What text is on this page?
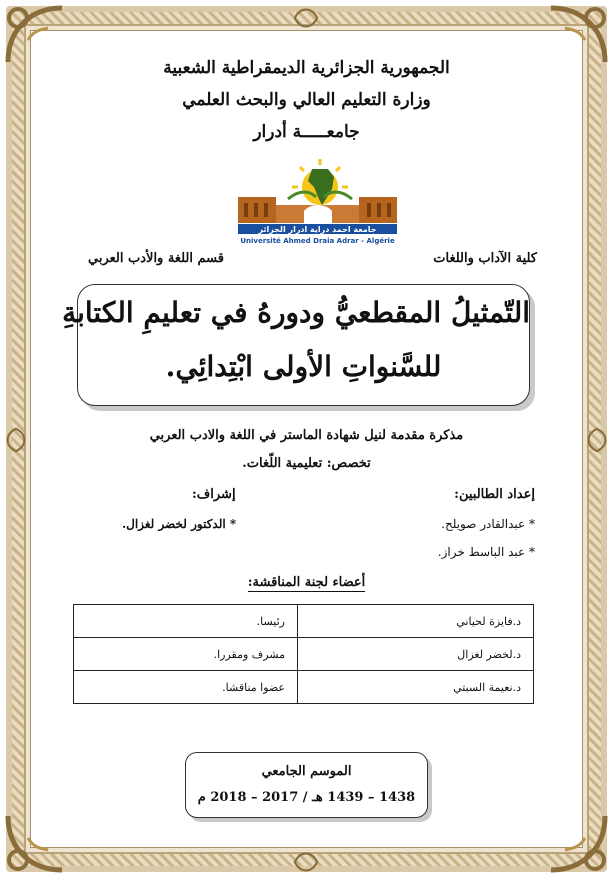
الجمهورية الجزائرية الديمقراطية الشعبية
وزارة التعليم العالي والبحث العلمي
جامعـــــة أدرار
جامعة احمد دراية ادرار الجزائر
Université Ahmed Draia Adrar - Algérie
كلية الآداب واللغات
قسم اللغة والأدب العربي
التّمثيلُ المقطعيُّ ودورهُ في تعليمِ الكتابةِ
للسَّنواتِ الأولى ابْتِدائِي.
مذكرة مقدمة لنيل شهادة الماستر في اللغة والادب العربي
تخصص: تعليمية اللّغات.
إعداد الطالبين:
إشراف:
* عبدالقادر صويلح.
* الدكتور لخضر لغزال.
* عبد الباسط خراز.
أعضاء لجنة المناقشة:
د.فايزة لحياني	رئيسا.
د.لخضر لغزال	مشرف ومقررا.
د.نعيمة السبتي	عضوا مناقشا.
الموسم الجامعي
1438 – 1439 هـ / 2017 – 2018 م
